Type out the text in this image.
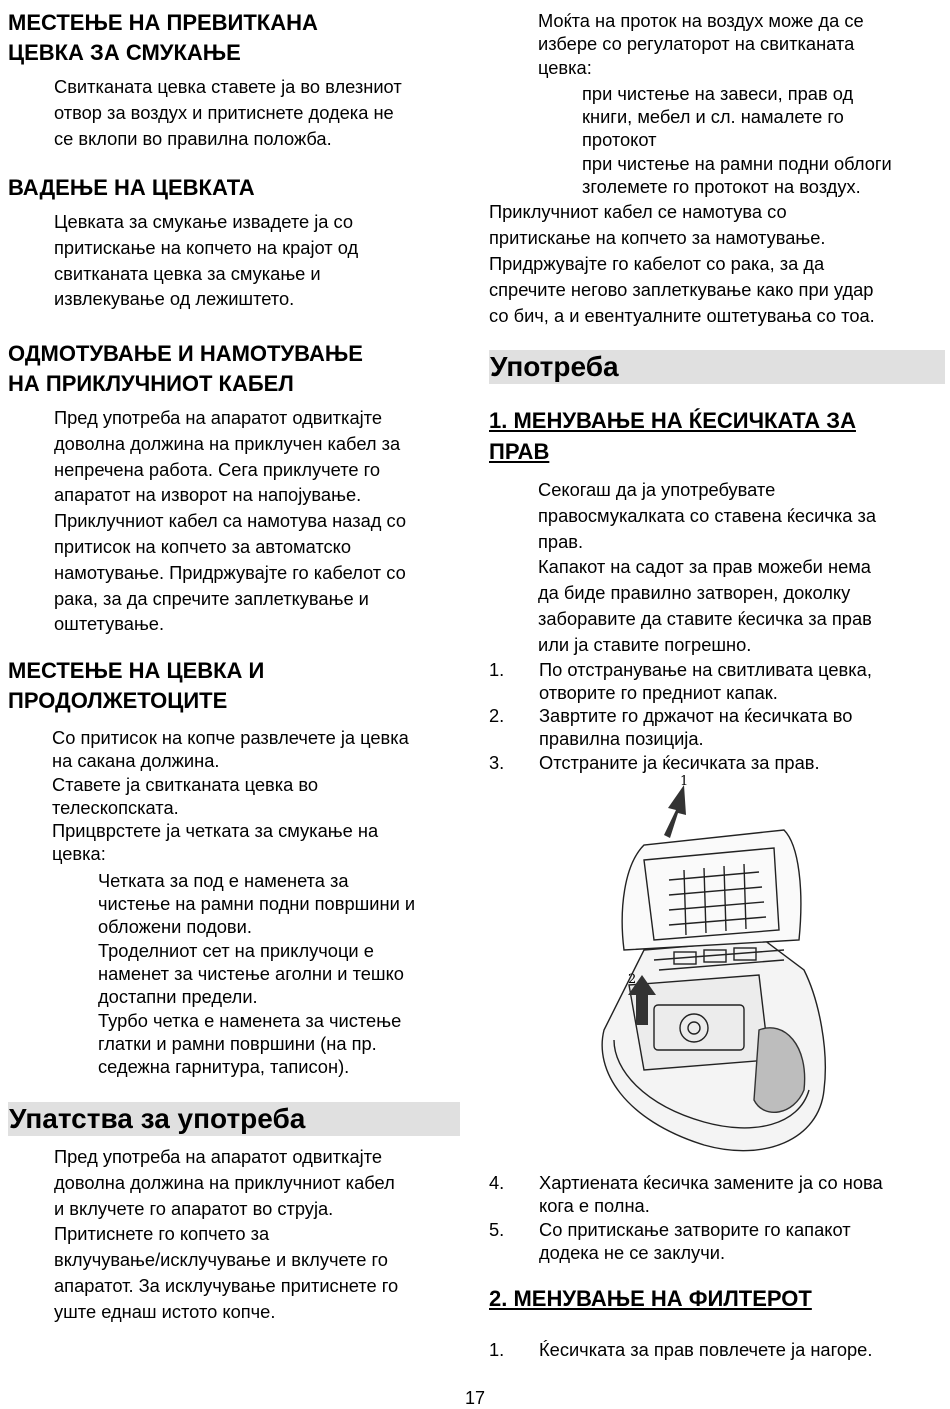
МЕСТЕЊЕ НА ПРЕВИТКАНА
ЦЕВКА ЗА СМУКАЊЕ

Свитканата цевка ставете ја во влезниот

отвор за воздух и притиснете додека не

се вклопи во правилна положба.

ВАДЕЊЕ НА ЦЕВКАТА

Цевката за смукање извадете ја со

притискање на копчето на крајот од

свитканата цевка за смукање и

извлекување од лежиштето.

ОДМОТУВАЊЕ И НАМОТУВАЊЕ
НА ПРИКЛУЧНИОТ КАБЕЛ

Пред употреба на апаратот одвиткајте

доволна должина на приклучен кабел за

непречена работа. Сега приклучете го

апаратот на изворот на напојување.

Приклучниот кабел са намотува назад со

притисок на копчето за автоматско

намотување. Придржувајте го кабелот со

рака, за да спречите заплеткување и

оштетување.

МЕСТЕЊЕ НА ЦЕВКА И
ПРОДОЛЖЕТОЦИТЕ

Со притисок на копче развлечете ја цевка

на сакана должина.

Ставете ја свитканата цевка во

телескопската.

Прицврстете ја четката за смукање на

цевка:

Четката за под е наменета за

чистење на рамни подни површини и

обложени подови.

Троделниот сет на приклучоци е

наменет за чистење аголни и тешко

достапни предели.

Турбо четка е наменета за чистење

глатки и рамни површини (на пр.

седежна гарнитура, таписон).

Упатства за употреба

Пред употреба на апаратот одвиткајте

доволна должина на приклучниот кабел

и вклучете го апаратот во струја.

Притиснете го копчето за

вклучување/исклучување и вклучете го

апаратот. За исклучување притиснете го

уште еднаш истото копче.

Моќта на проток на воздух може да се

избере со регулаторот на свитканата

цевка:

при чистење на завеси, прав од

книги, мебел и сл. намалете го

протокот

при чистење на рамни подни облоги

зголемете го протокот на воздух.

Приклучниот кабел се намотува со

притискање на копчето за намотување.

Придржувајте го кабелот со рака, за да

спречите негово заплеткување како при удар

со бич, а и евентуалните оштетувања со тоа.

Употреба
1. МЕНУВАЊЕ НА ЌЕСИЧКАТА ЗА
ПРАВ

Секогаш да ја употребувате

правосмукалката со ставена ќесичка за

прав.

Капакот на садот за прав можеби нема

да биде правилно затворен, доколку

заборавите да ставите ќесичка за прав

или ја ставите погрешно.

1.	По отстранување на свитливата цевка,
отворите го предниот капак.
2.	Завртите го држачот на ќесичката во
правилна позиција.
3.	Отстраните ја ќесичката за прав.
1
2
4.	Хартиената ќесичка замените ја со нова
кога е полна.
5.	Со притискање затворите го капакот
додека не се заклучи.
2. МЕНУВАЊЕ НА ФИЛТЕРОТ
1.	Ќесичката за прав повлечете ја нагоре.
17
